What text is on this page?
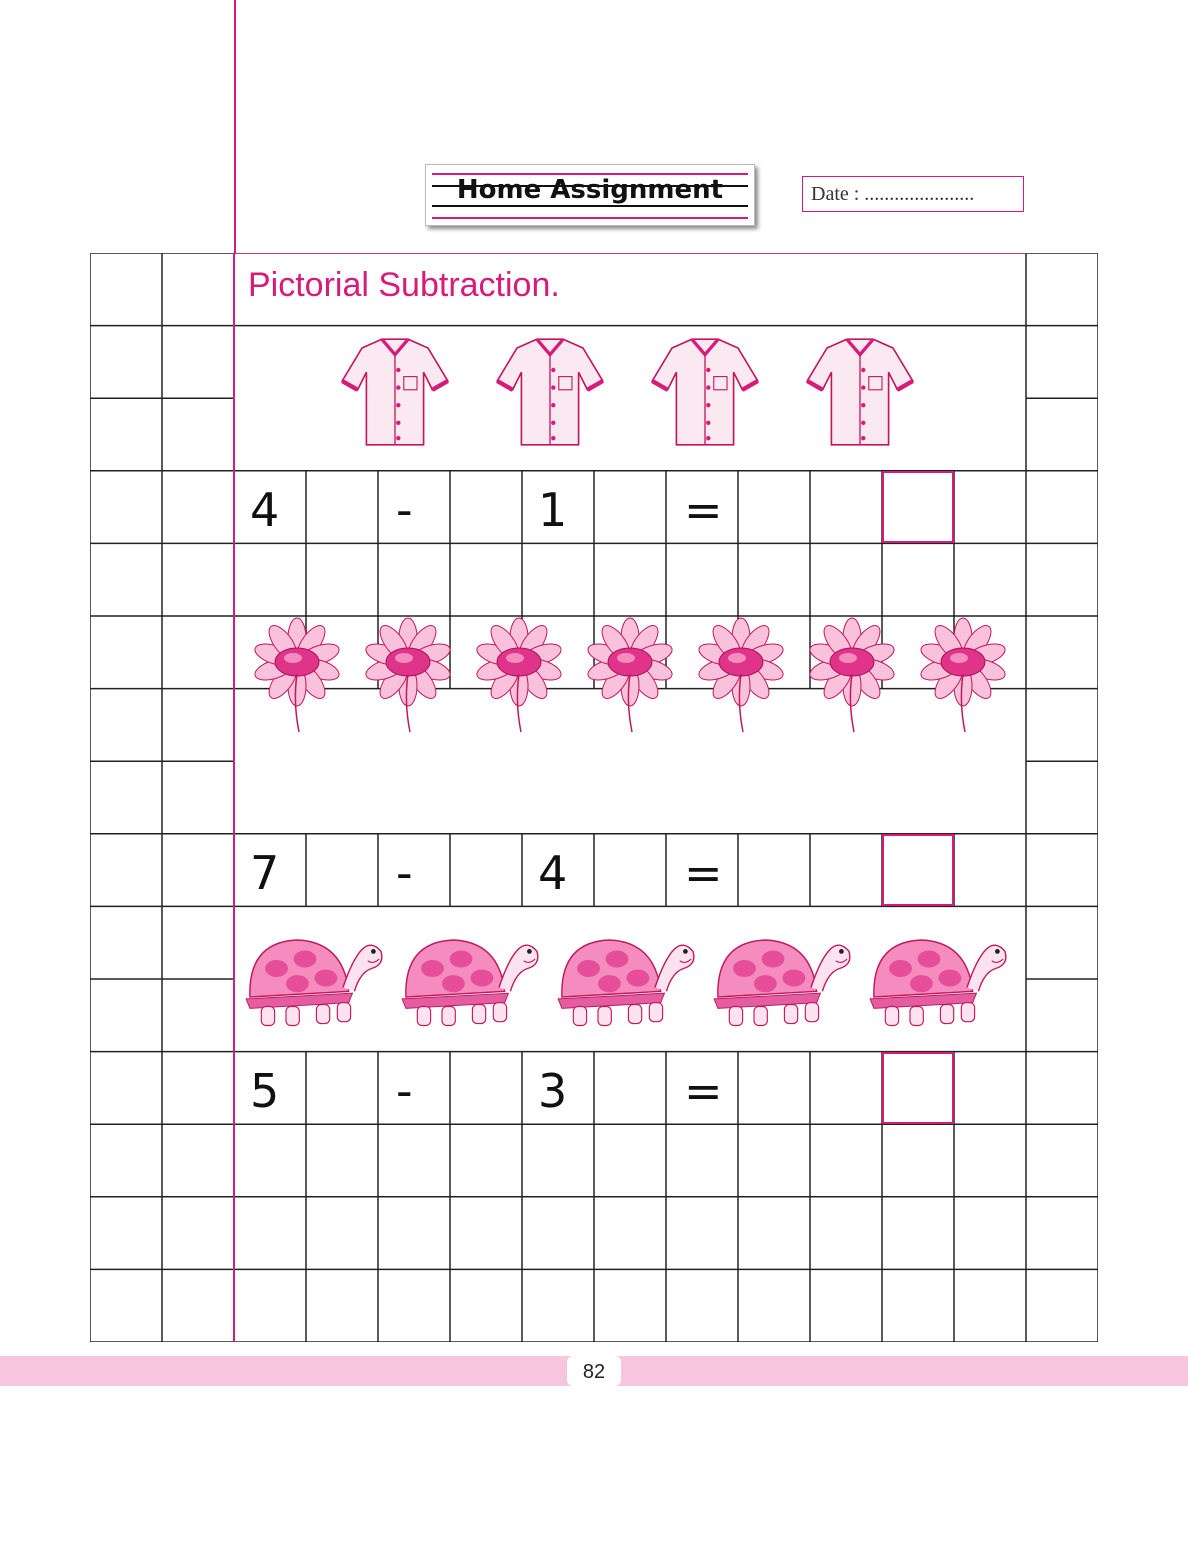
Home Assignment	Date : ......................
Pictorial Subtraction.
82
4	-	1	=
7	-	4	=
5	-	3	=
